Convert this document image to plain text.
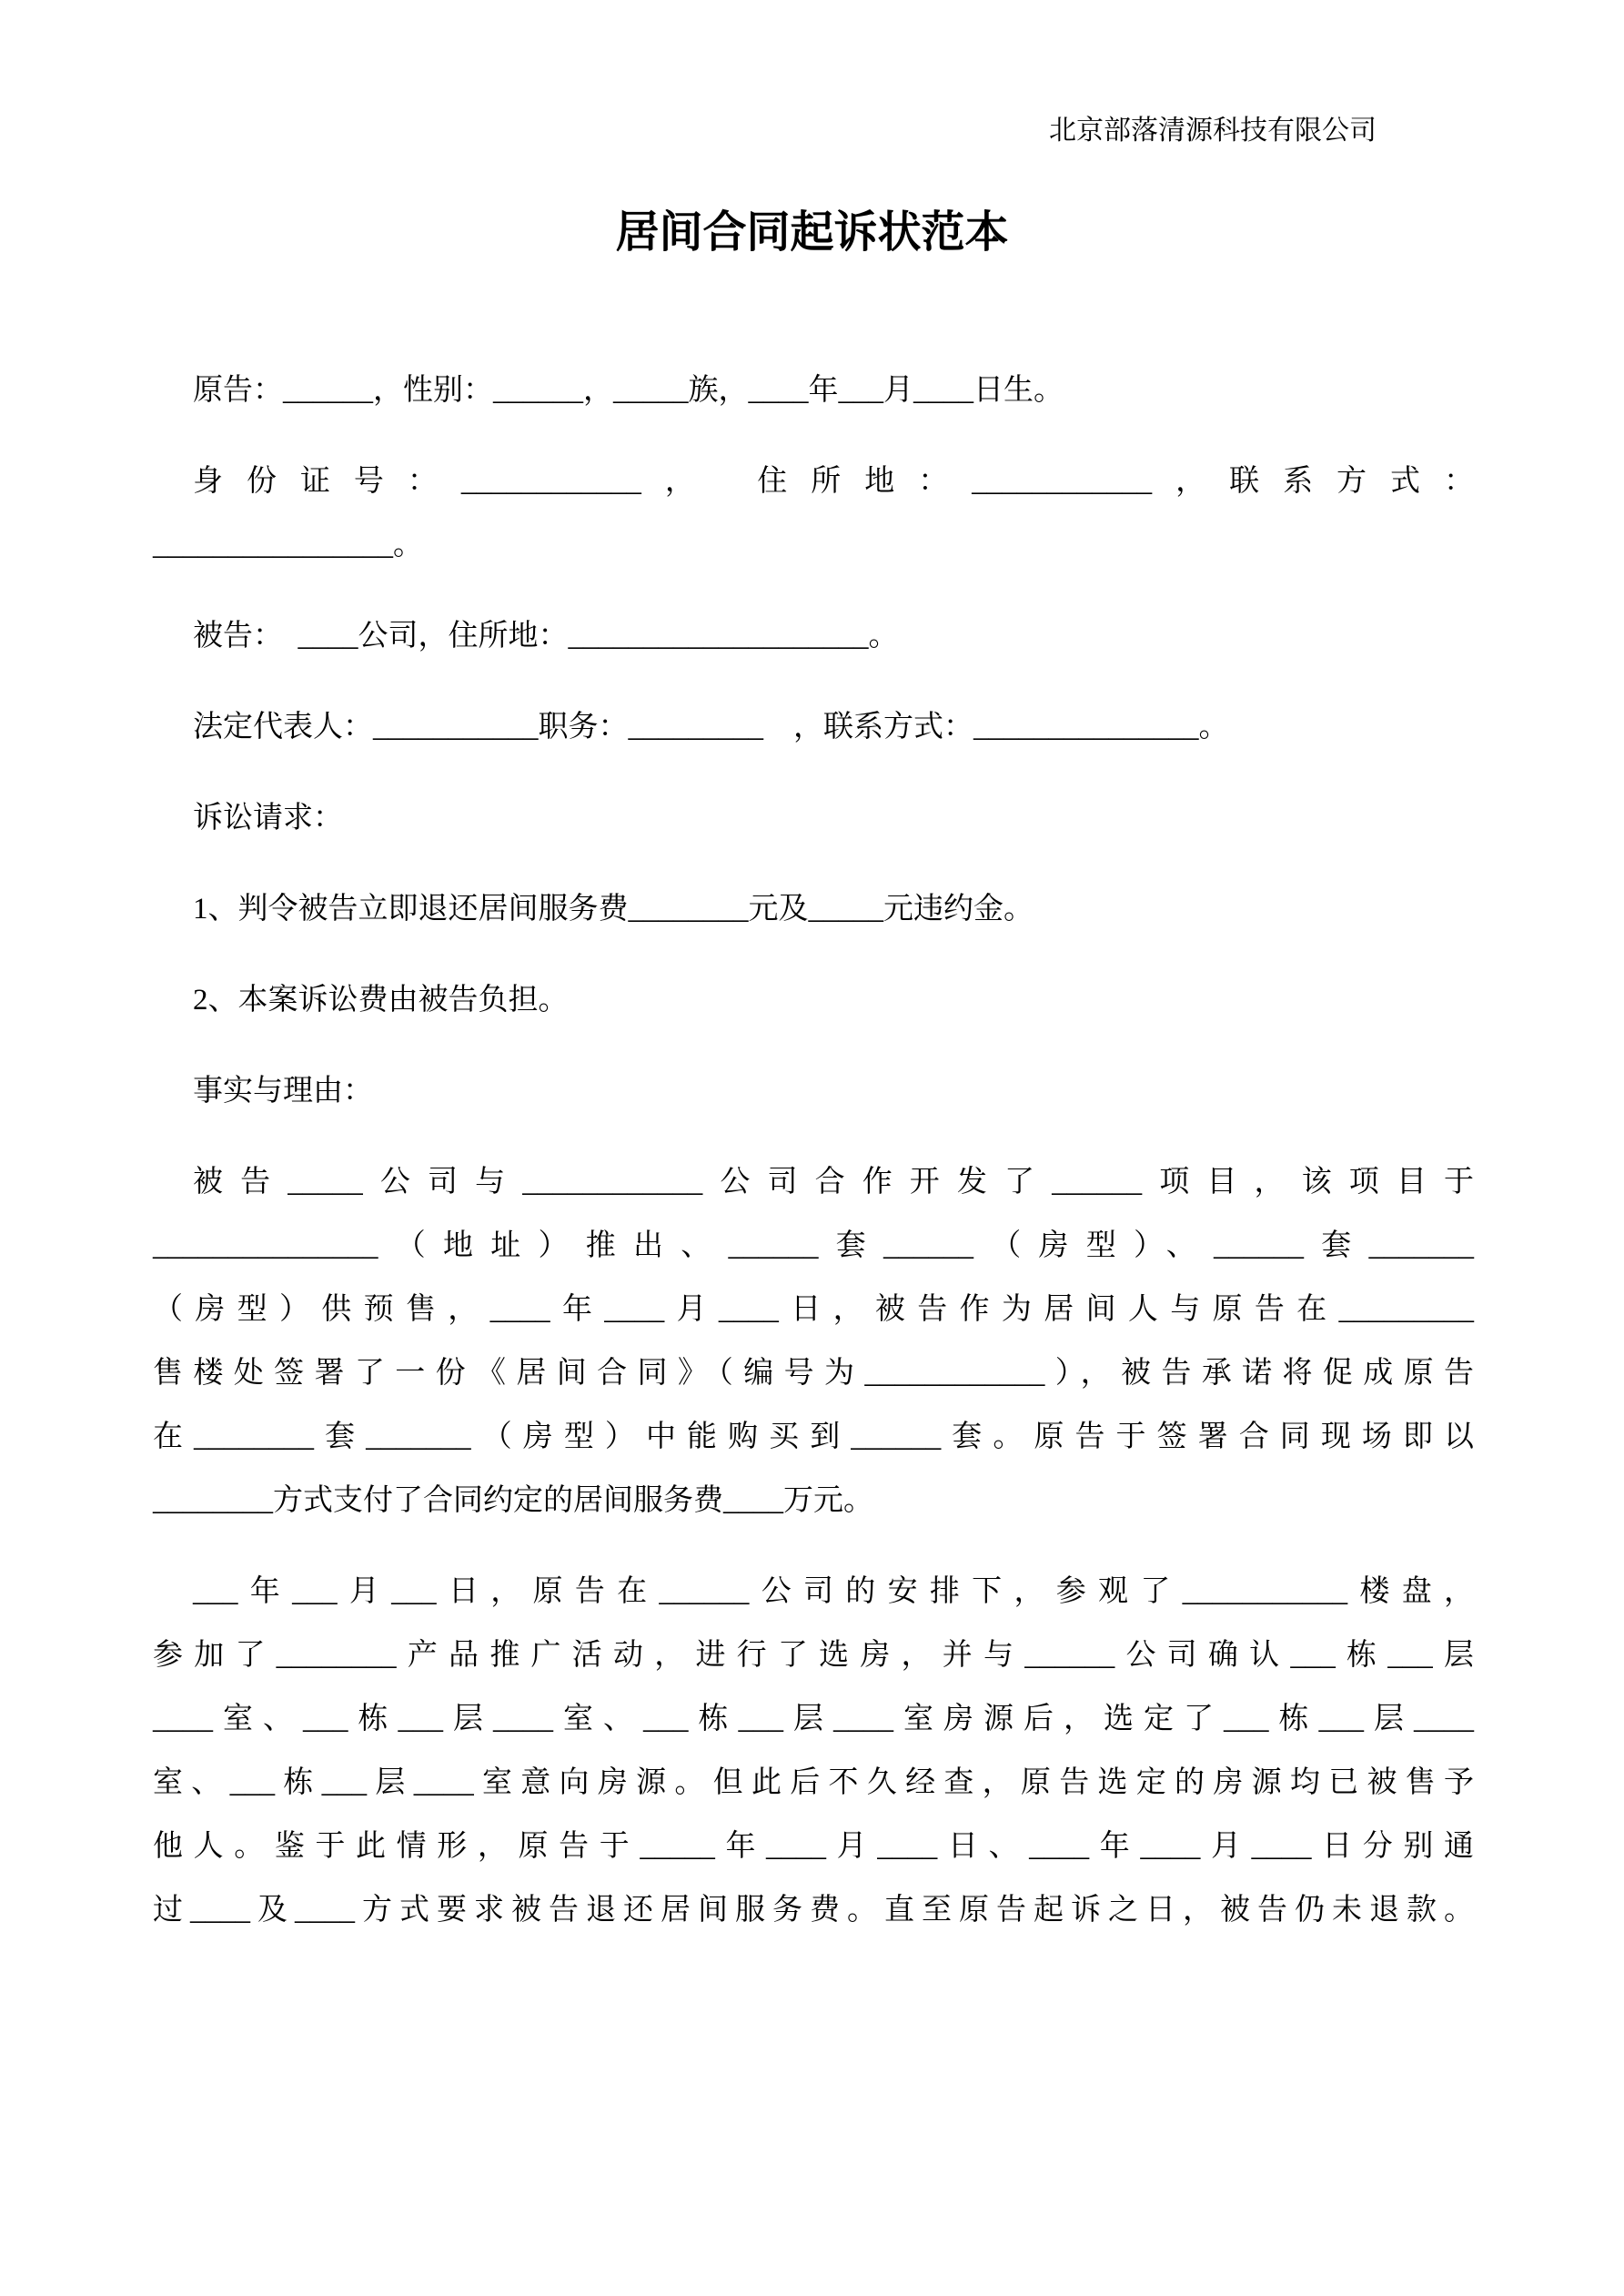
北京部落清源科技有限公司
居间合同起诉状范本
原告：______，性别：______，_____族，____年___月____日生。
身份证号：____________，　住所地：____________，联系方式：
________________。
被告：　____公司，住所地：____________________。
法定代表人：___________职务：_________　，联系方式：_______________。
诉讼请求：
1、判令被告立即退还居间服务费________元及_____元违约金。
2、本案诉讼费由被告负担。
事实与理由：
被告_____公司与____________公司合作开发了______项目，该项目于
_______________（地址）推出、______套______（房型）、______套_______
（房型）供预售，____年____月____日，被告作为居间人与原告在_________
售楼处签署了一份《居间合同》（编号为____________），被告承诺将促成原告
在________套_______（房型）中能购买到______套。原告于签署合同现场即以
________方式支付了合同约定的居间服务费____万元。
___年___月___日，原告在______公司的安排下，参观了___________楼盘，
参加了________产品推广活动，进行了选房，并与______公司确认___栋___层
____室、___栋___层____室、___栋___层____室房源后，选定了___栋___层____
室、___栋___层____室意向房源。但此后不久经查，原告选定的房源均已被售予
他人。鉴于此情形，原告于_____年____月____日、____年____月____日分别通
过____及____方式要求被告退还居间服务费。直至原告起诉之日，被告仍未退款。
